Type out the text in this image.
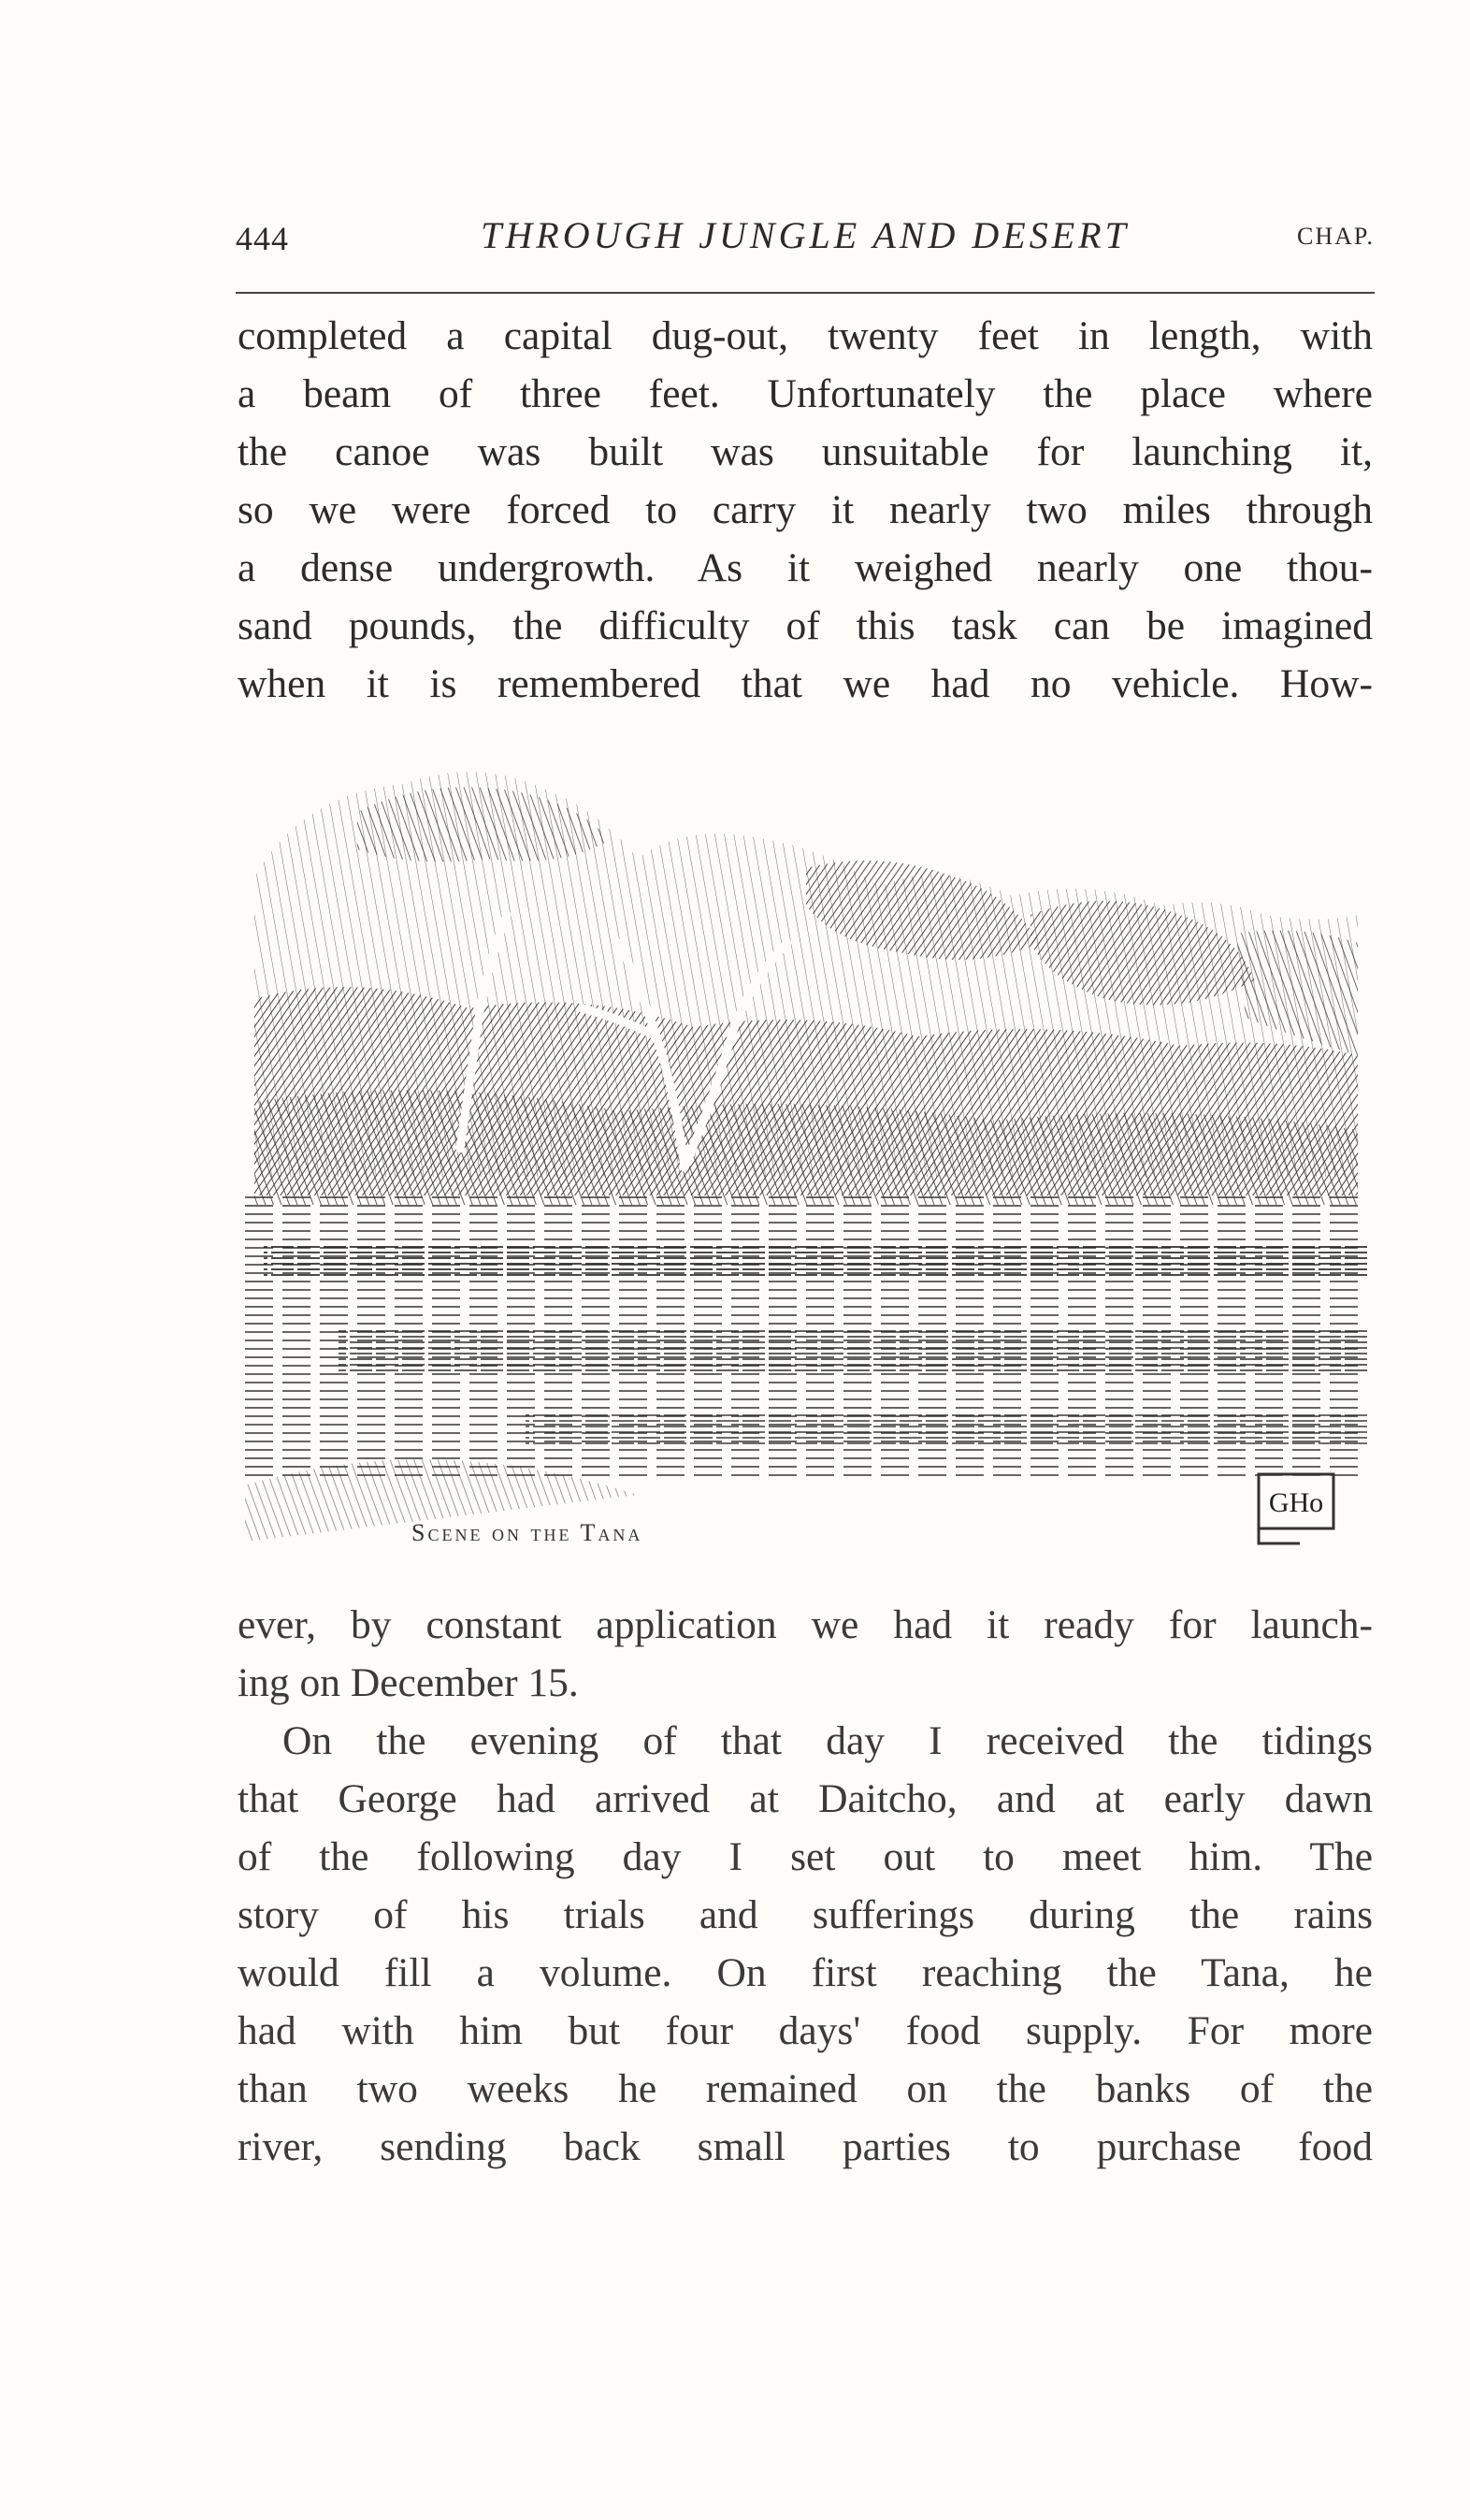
444	THROUGH JUNGLE AND DESERT	CHAP.
completed a capital dug-out, twenty feet in length, with
a beam of three feet. Unfortunately the place where
the canoe was built was unsuitable for launching it,
so we were forced to carry it nearly two miles through
a dense undergrowth. As it weighed nearly one thou-
sand pounds, the difficulty of this task can be imagined
when it is remembered that we had no vehicle. How-
Scene on the Tana
GHo
ever, by constant application we had it ready for launch-
ing on December 15.
On the evening of that day I received the tidings
that George had arrived at Daitcho, and at early dawn
of the following day I set out to meet him. The
story of his trials and sufferings during the rains
would fill a volume. On first reaching the Tana, he
had with him but four days' food supply. For more
than two weeks he remained on the banks of the
river, sending back small parties to purchase food
